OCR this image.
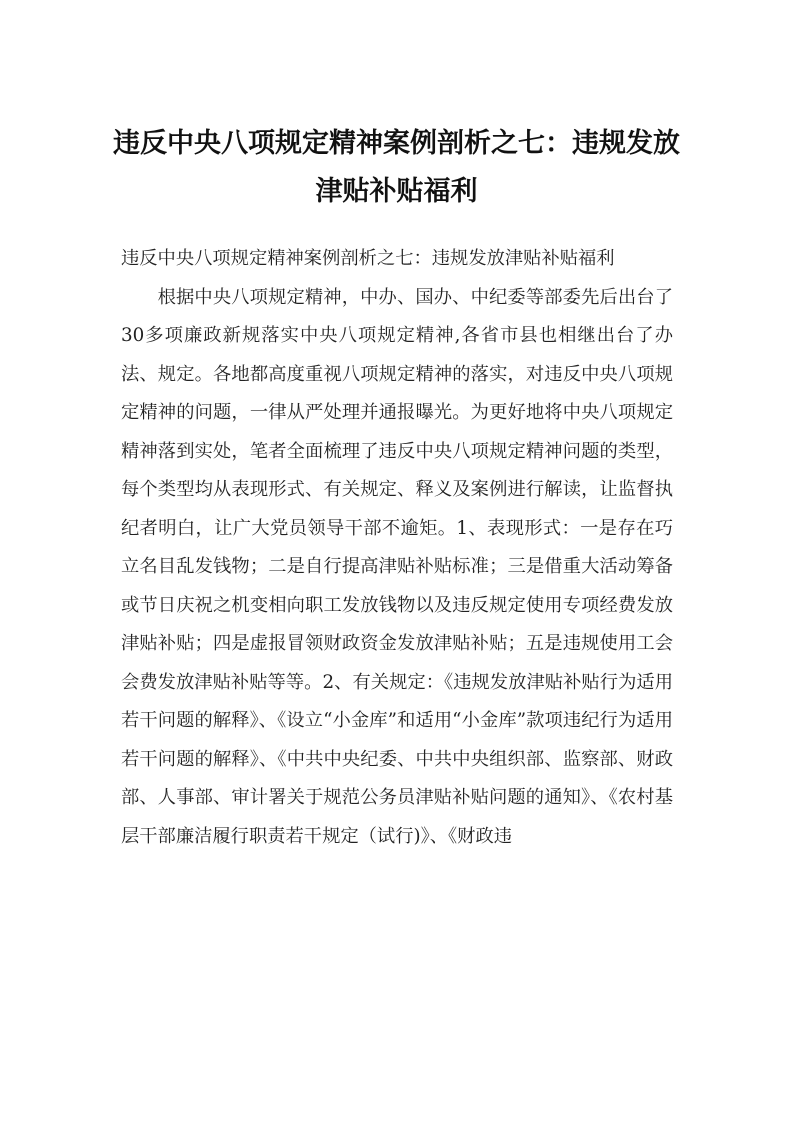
违反中央八项规定精神案例剖析之七：违规发放津贴补贴福利

违反中央八项规定精神案例剖析之七：违规发放津贴补贴福利

根据中央八项规定精神，中办、国办、中纪委等部委先后出台了30多项廉政新规落实中央八项规定精神,各省市县也相继出台了办法、规定。各地都高度重视八项规定精神的落实，对违反中央八项规定精神的问题，一律从严处理并通报曝光。为更好地将中央八项规定精神落到实处，笔者全面梳理了违反中央八项规定精神问题的类型，每个类型均从表现形式、有关规定、释义及案例进行解读，让监督执纪者明白，让广大党员领导干部不逾矩。1、表现形式：一是存在巧立名目乱发钱物；二是自行提高津贴补贴标准；三是借重大活动筹备或节日庆祝之机变相向职工发放钱物以及违反规定使用专项经费发放津贴补贴；四是虚报冒领财政资金发放津贴补贴；五是违规使用工会会费发放津贴补贴等等。2、有关规定：《违规发放津贴补贴行为适用若干问题的解释》、《设立“小金库”和适用“小金库”款项违纪行为适用若干问题的解释》、《中共中央纪委、中共中央组织部、监察部、财政部、人事部、审计署关于规范公务员津贴补贴问题的通知》、《农村基层干部廉洁履行职责若干规定（试行)》、《财政违
